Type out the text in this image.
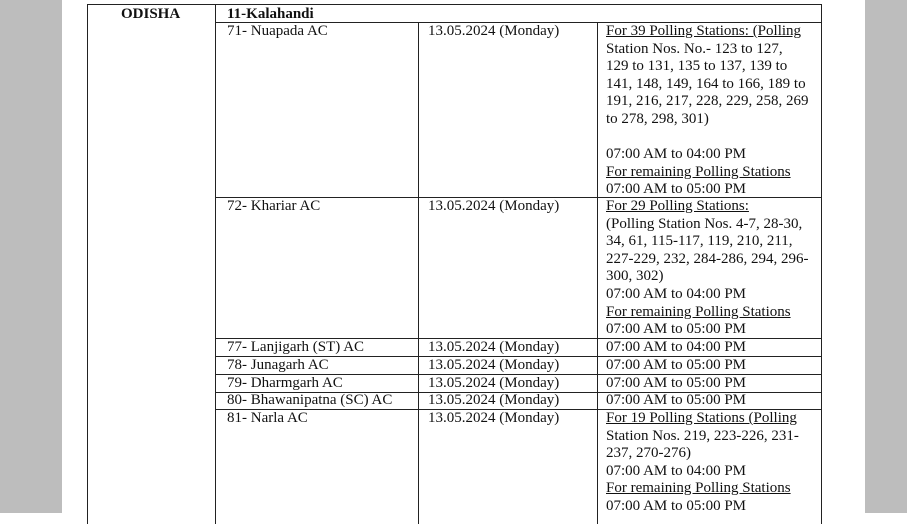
ODISHA	11-Kalahandi
71- Nuapada AC	13.05.2024 (Monday)	For 39 Polling Stations: (Polling
Station Nos. No.- 123 to 127,
129 to 131, 135 to 137, 139 to
141, 148, 149, 164 to 166, 189 to
191, 216, 217, 228, 229, 258, 269
to 278, 298, 301)

07:00 AM to 04:00 PM
For remaining Polling Stations
07:00 AM to 05:00 PM
72- Khariar AC	13.05.2024 (Monday)	For 29 Polling Stations:
(Polling Station Nos. 4-7, 28-30,
34, 61, 115-117, 119, 210, 211,
227-229, 232, 284-286, 294, 296-
300, 302)
07:00 AM to 04:00 PM
For remaining Polling Stations
07:00 AM to 05:00 PM
77- Lanjigarh (ST) AC	13.05.2024 (Monday)	07:00 AM to 04:00 PM
78- Junagarh AC	13.05.2024 (Monday)	07:00 AM to 05:00 PM
79- Dharmgarh AC	13.05.2024 (Monday)	07:00 AM to 05:00 PM
80- Bhawanipatna (SC) AC 13.05.2024 (Monday)	07:00 AM to 05:00 PM
81- Narla AC	13.05.2024 (Monday)	For 19 Polling Stations (Polling
Station Nos. 219, 223-226, 231-
237, 270-276)
07:00 AM to 04:00 PM
For remaining Polling Stations
07:00 AM to 05:00 PM
